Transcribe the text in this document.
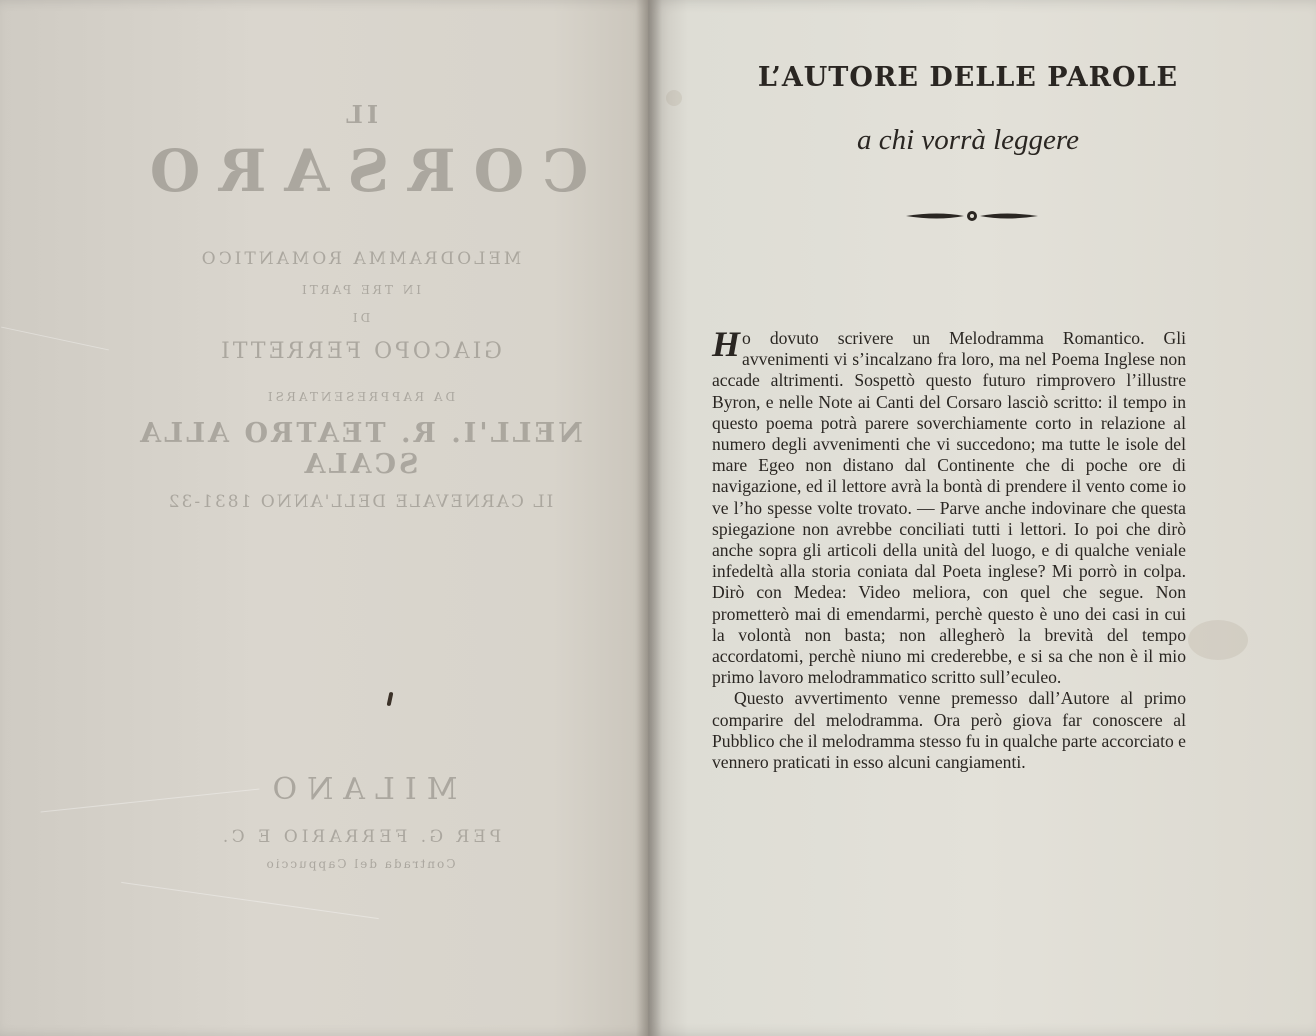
IL
CORSARO
MELODRAMMA ROMANTICO
IN TRE PARTI
DI
GIACOPO FERRETTI
DA RAPPRESENTARSI
NELL'I. R. TEATRO ALLA SCALA
IL CARNEVALE DELL'ANNO 1831-32
MILANO
PER G. FERRARIO E C.
Contrada del Cappuccio
L’AUTORE DELLE PAROLE
a chi vorrà leggere

Ho dovuto scrivere un Melodramma Romantico. Gli avvenimenti vi s’incalzano fra loro, ma nel Poema Inglese non accade altrimenti. Sospettò questo futuro rimprovero l’illustre Byron, e nelle Note ai Canti del Corsaro lasciò scritto: il tempo in questo poema potrà parere soverchiamente corto in relazione al numero degli avvenimenti che vi succedono; ma tutte le isole del mare Egeo non distano dal Continente che di poche ore di navigazione, ed il lettore avrà la bontà di prendere il vento come io ve l’ho spesse volte trovato. — Parve anche indovinare che questa spiegazione non avrebbe conciliati tutti i lettori. Io poi che dirò anche sopra gli articoli della unità del luogo, e di qualche veniale infedeltà alla storia coniata dal Poeta inglese? Mi porrò in colpa. Dirò con Medea: Video meliora, con quel che segue. Non prometterò mai di emendarmi, perchè questo è uno dei casi in cui la volontà non basta; non allegherò la brevità del tempo accordatomi, perchè niuno mi crederebbe, e si sa che non è il mio primo lavoro melodrammatico scritto sull’eculeo.

Questo avvertimento venne premesso dall’Autore al primo comparire del melodramma. Ora però giova far conoscere al Pubblico che il melodramma stesso fu in qualche parte accorciato e vennero praticati in esso alcuni cangiamenti.
